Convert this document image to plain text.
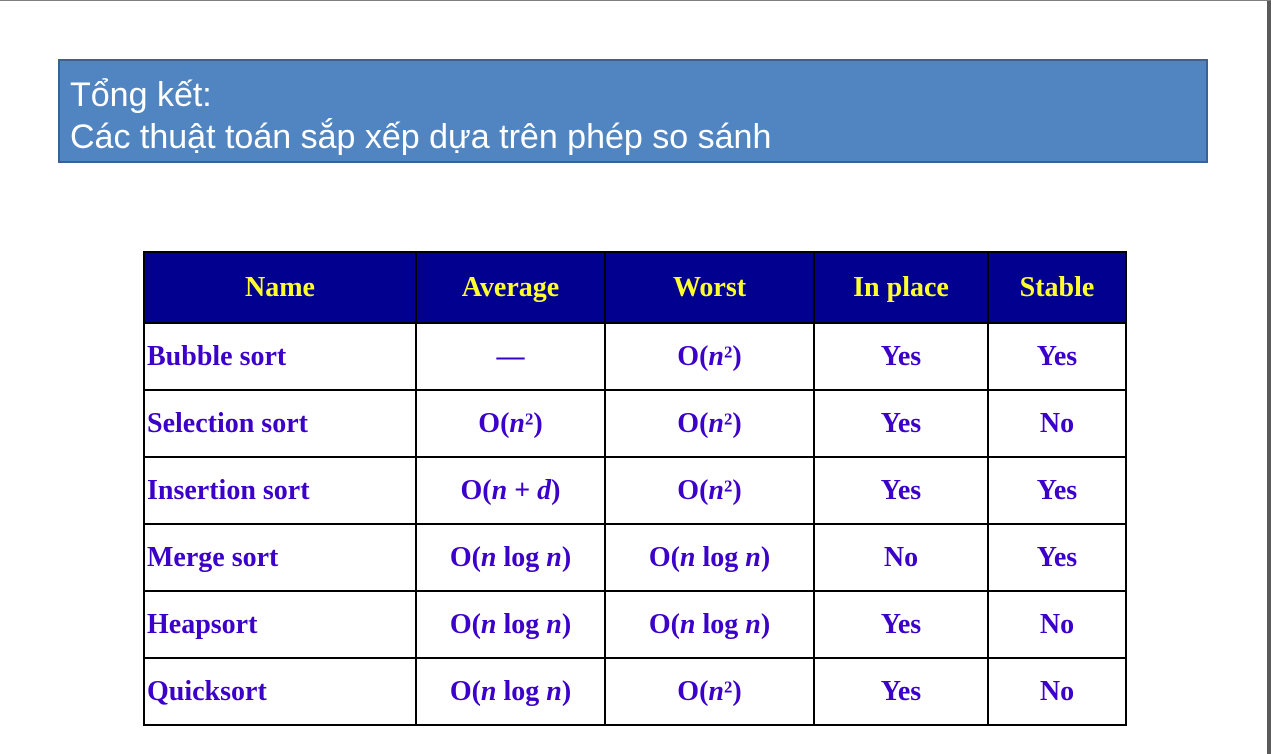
Tổng kết:
Các thuật toán sắp xếp dựa trên phép so sánh
Name	Average	Worst	In place	Stable
Bubble sort	—	$O(n^2)$	Yes	Yes
Selection sort	$O(n^2)$	$O(n^2)$	Yes	No
Insertion sort	O(n + d)	$O(n^2)$	Yes	Yes
Merge sort	O(n log n)	O(n log n)	No	Yes
Heapsort	O(n log n)	O(n log n)	Yes	No
Quicksort	O(n log n)	$O(n^2)$	Yes	No
